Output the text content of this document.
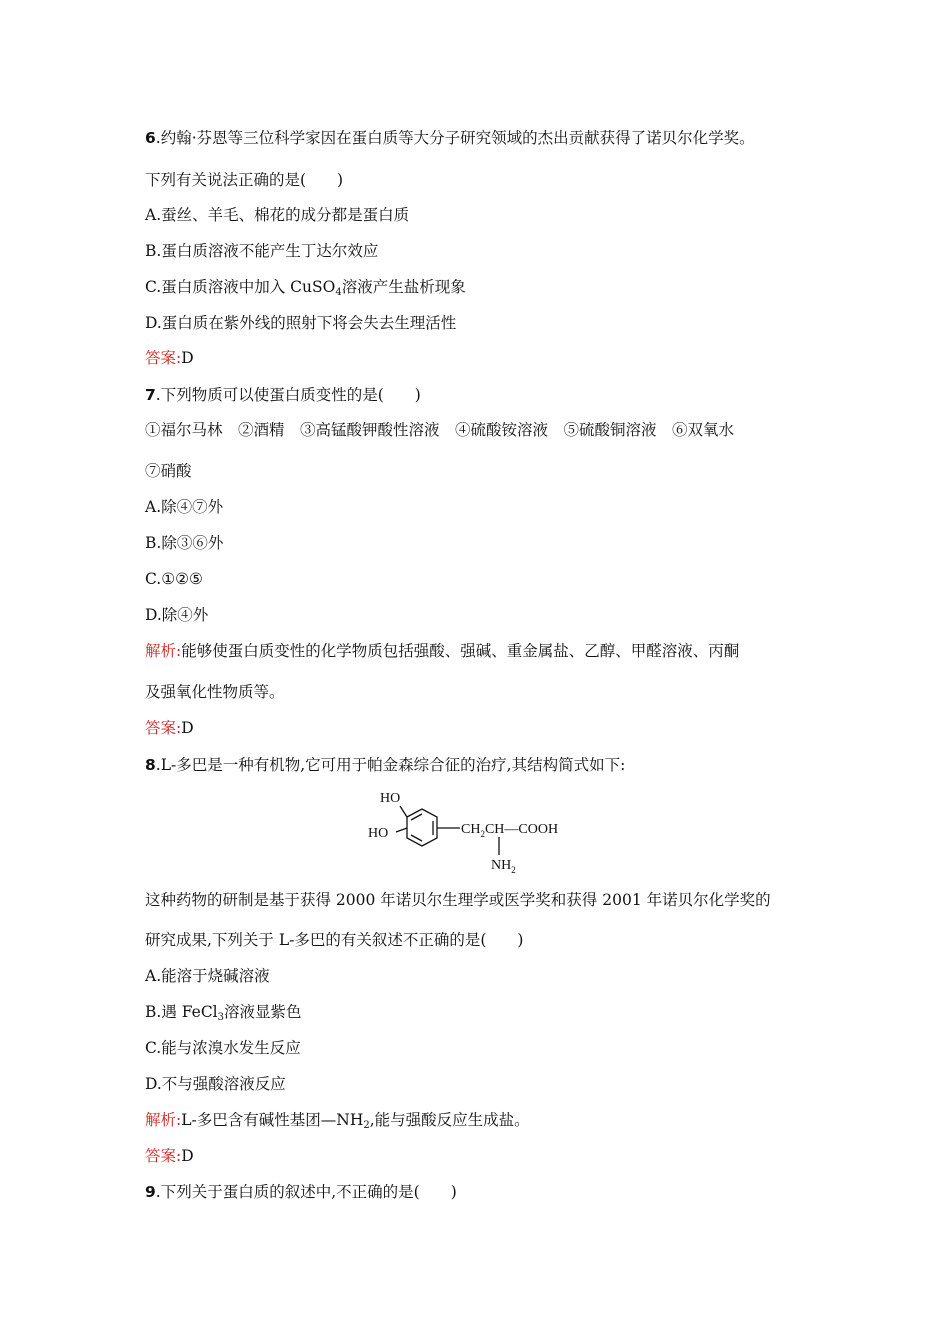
6.约翰·芬恩等三位科学家因在蛋白质等大分子研究领域的杰出贡献获得了诺贝尔化学奖。
下列有关说法正确的是(　　)
A.蚕丝、羊毛、棉花的成分都是蛋白质
B.蛋白质溶液不能产生丁达尔效应
C.蛋白质溶液中加入 CuSO$_4$溶液产生盐析现象
D.蛋白质在紫外线的照射下将会失去生理活性
答案:D
7.下列物质可以使蛋白质变性的是(　　)
①福尔马林　②酒精　③高锰酸钾酸性溶液　④硫酸铵溶液　⑤硫酸铜溶液　⑥双氧水
⑦硝酸
A.除④⑦外
B.除③⑥外
C.①②⑤
D.除④外
解析:能够使蛋白质变性的化学物质包括强酸、强碱、重金属盐、乙醇、甲醛溶液、丙酮
及强氧化性物质等。
答案:D
8.L-多巴是一种有机物,它可用于帕金森综合征的治疗,其结构简式如下:
HO
HO	$CH_2CH—COOH$
$NH_2$
这种药物的研制是基于获得 2000 年诺贝尔生理学或医学奖和获得 2001 年诺贝尔化学奖的
研究成果,下列关于 L-多巴的有关叙述不正确的是(　　)
A.能溶于烧碱溶液
B.遇 FeCl$_3$溶液显紫色
C.能与浓溴水发生反应
D.不与强酸溶液反应
解析:L-多巴含有碱性基团$—NH_2$,能与强酸反应生成盐。
答案:D
9.下列关于蛋白质的叙述中,不正确的是(　　)
